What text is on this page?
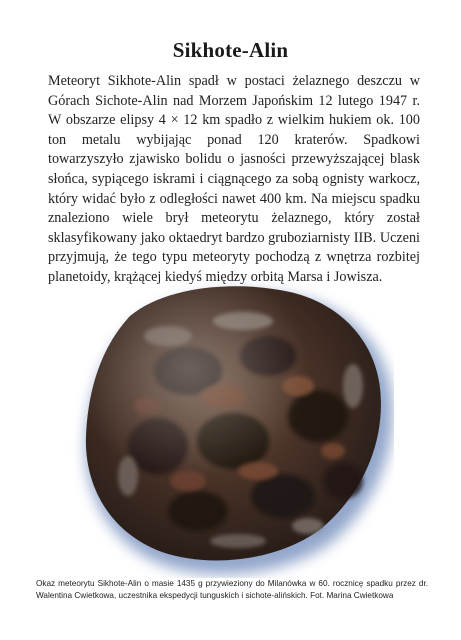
Sikhote-Alin

Meteoryt Sikhote-Alin spadł w postaci żelaznego deszczu w Górach Sichote-Alin nad Morzem Japońskim 12 lutego 1947 r. W obszarze elipsy 4 × 12 km spadło z wielkim hukiem ok. 100 ton metalu wybijając ponad 120 kraterów. Spadkowi towarzyszyło zjawisko bolidu o jasności przewyższającej blask słońca, sypiącego iskrami i ciągnącego za sobą ognisty warkocz, który widać było z odległości nawet 400 km. Na miejscu spadku znaleziono wiele brył meteorytu żelaznego, który został sklasyfikowany jako oktaedryt bardzo gruboziarnisty IIB. Uczeni przyjmują, że tego typu meteoryty pochodzą z wnętrza rozbitej planetoidy, krążącej kiedyś między orbitą Marsa i Jowisza.

Okaz meteorytu Sikhote-Alin o masie 1435 g przywieziony do Milanówka w 60. rocznicę spadku przez dr. Walentina Cwietkowa, uczestnika ekspedycji tunguskich i sichote-alińskich. Fot. Marina Cwietkowa
